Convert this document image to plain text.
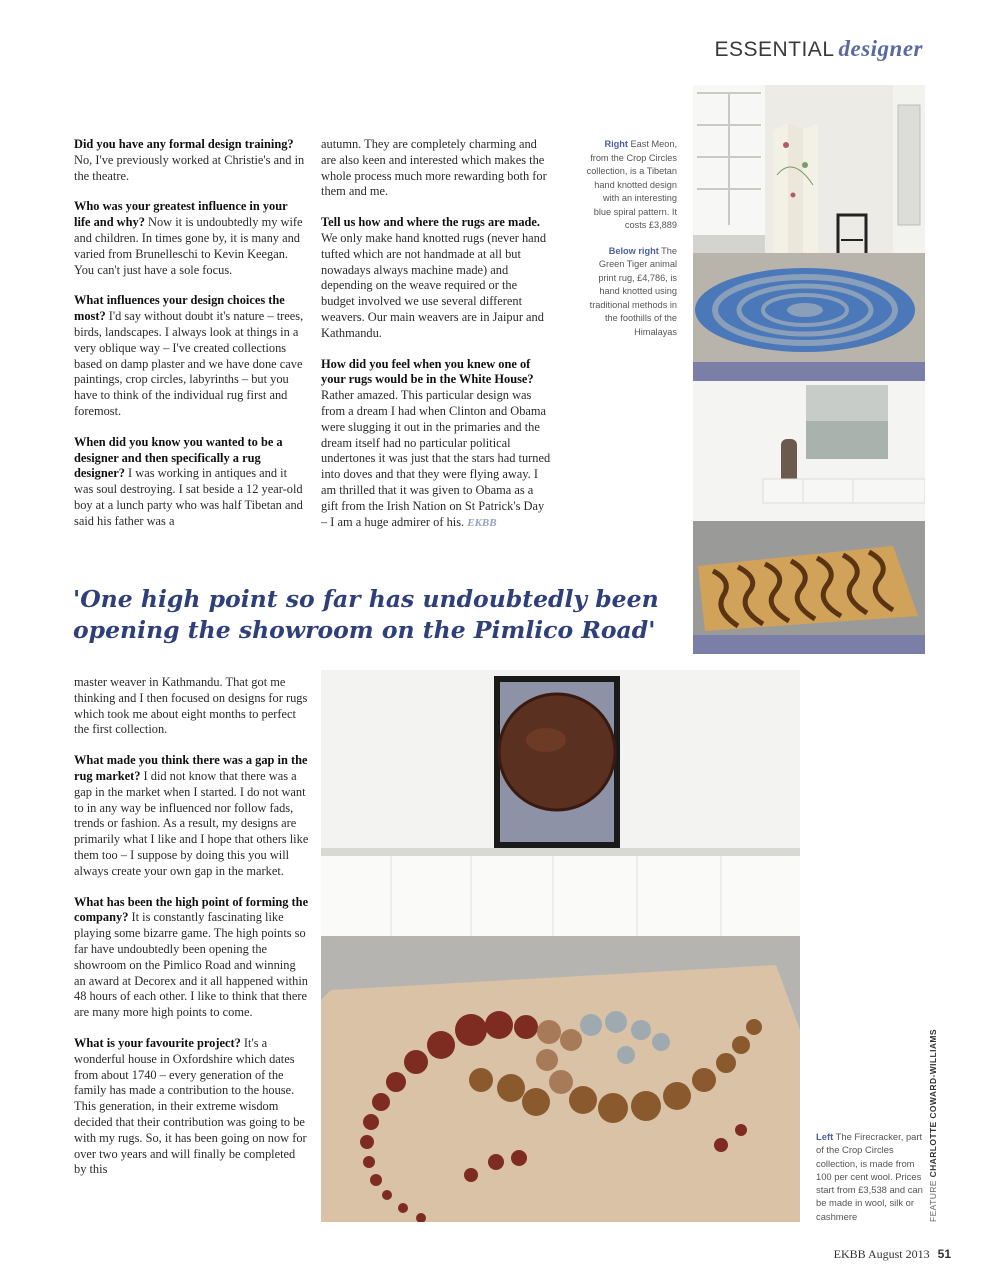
ESSENTIAL designer

Did you have any formal design training? No, I've previously worked at Christie's and in the theatre.

Who was your greatest influence in your life and why? Now it is undoubtedly my wife and children. In times gone by, it is many and varied from Brunelleschi to Kevin Keegan. You can't just have a sole focus.

What influences your design choices the most? I'd say without doubt it's nature – trees, birds, landscapes. I always look at things in a very oblique way – I've created collections based on damp plaster and we have done cave paintings, crop circles, labyrinths – but you have to think of the individual rug first and foremost.

When did you know you wanted to be a designer and then specifically a rug designer? I was working in antiques and it was soul destroying. I sat beside a 12 year-old boy at a lunch party who was half Tibetan and said his father was a

autumn. They are completely charming and are also keen and interested which makes the whole process much more rewarding both for them and me.

Tell us how and where the rugs are made. We only make hand knotted rugs (never hand tufted which are not handmade at all but nowadays always machine made) and depending on the weave required or the budget involved we use several different weavers. Our main weavers are in Jaipur and Kathmandu.

How did you feel when you knew one of your rugs would be in the White House? Rather amazed. This particular design was from a dream I had when Clinton and Obama were slugging it out in the primaries and the dream itself had no particular political undertones it was just that the stars had turned into doves and that they were flying away. I am thrilled that it was given to Obama as a gift from the Irish Nation on St Patrick's Day – I am a huge admirer of his. EKBB

Right East Meon, from the Crop Circles collection, is a Tibetan hand knotted design with an interesting blue spiral pattern. It costs £3,889

Below right The Green Tiger animal print rug, £4,786, is hand knotted using traditional methods in the foothills of the Himalayas

'One high point so far has undoubtedly been opening the showroom on the Pimlico Road'

master weaver in Kathmandu. That got me thinking and I then focused on designs for rugs which took me about eight months to perfect the first collection.

What made you think there was a gap in the rug market? I did not know that there was a gap in the market when I started. I do not want to in any way be influenced nor follow fads, trends or fashion. As a result, my designs are primarily what I like and I hope that others like them too – I suppose by doing this you will always create your own gap in the market.

What has been the high point of forming the company? It is constantly fascinating like playing some bizarre game. The high points so far have undoubtedly been opening the showroom on the Pimlico Road and winning an award at Decorex and it all happened within 48 hours of each other. I like to think that there are many more high points to come.

What is your favourite project? It's a wonderful house in Oxfordshire which dates from about 1740 – every generation of the family has made a contribution to the house. This generation, in their extreme wisdom decided that their contribution was going to be with my rugs. So, it has been going on now for over two years and will finally be completed by this

Left The Firecracker, part of the Crop Circles collection, is made from 100 per cent wool. Prices start from £3,538 and can be made in wool, silk or cashmere	FEATURE CHARLOTTE COWARD-WILLIAMS
EKBB August 2013 51
